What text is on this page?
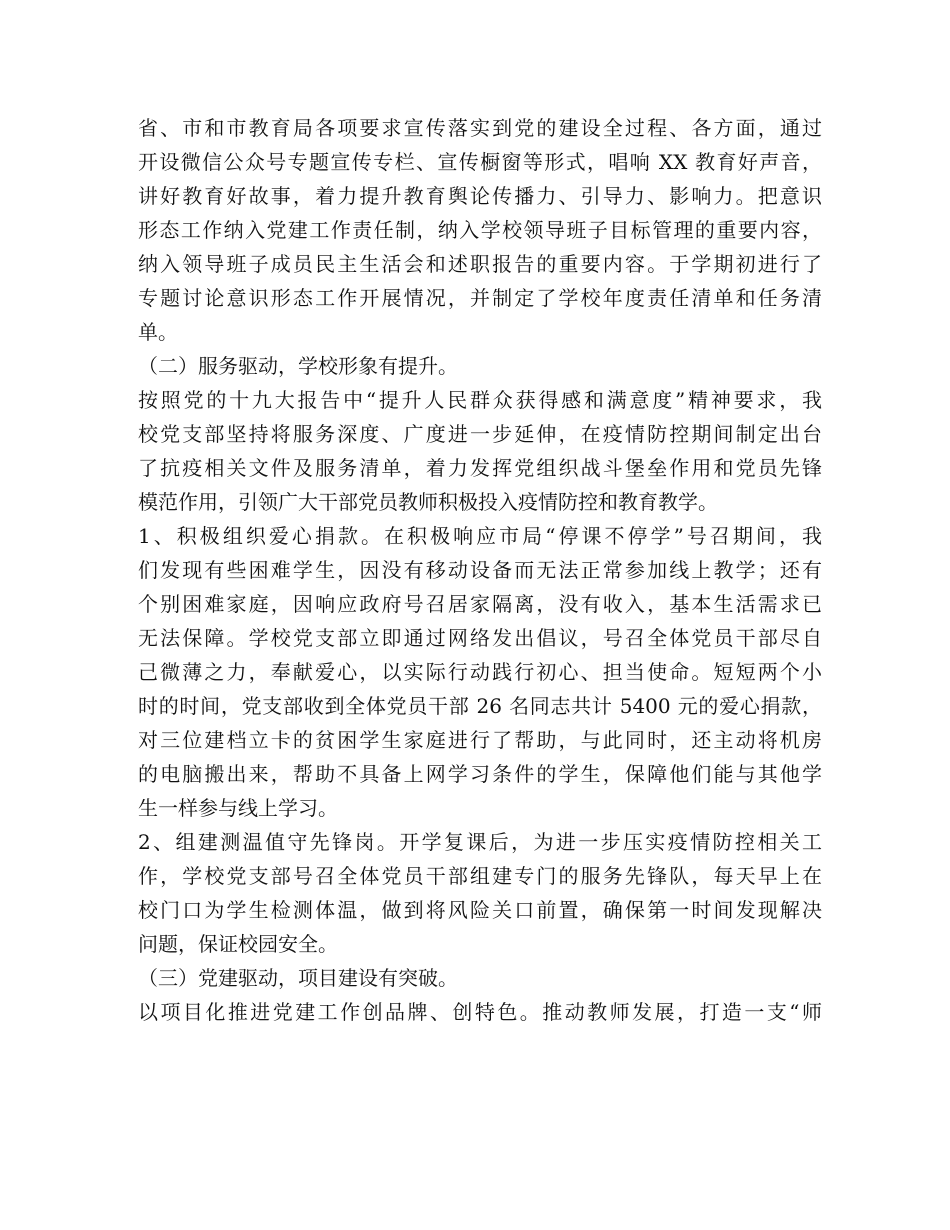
省、市和市教育局各项要求宣传落实到党的建设全过程、各方面，通过
开设微信公众号专题宣传专栏、宣传橱窗等形式，唱响 XX 教育好声音，
讲好教育好故事，着力提升教育舆论传播力、引导力、影响力。把意识
形态工作纳入党建工作责任制，纳入学校领导班子目标管理的重要内容，
纳入领导班子成员民主生活会和述职报告的重要内容。于学期初进行了
专题讨论意识形态工作开展情况，并制定了学校年度责任清单和任务清
单。
（二）服务驱动，学校形象有提升。
按照党的十九大报告中“提升人民群众获得感和满意度”精神要求，我
校党支部坚持将服务深度、广度进一步延伸，在疫情防控期间制定出台
了抗疫相关文件及服务清单，着力发挥党组织战斗堡垒作用和党员先锋
模范作用，引领广大干部党员教师积极投入疫情防控和教育教学。
1、积极组织爱心捐款。在积极响应市局“停课不停学”号召期间，我
们发现有些困难学生，因没有移动设备而无法正常参加线上教学；还有
个别困难家庭，因响应政府号召居家隔离，没有收入，基本生活需求已
无法保障。学校党支部立即通过网络发出倡议，号召全体党员干部尽自
己微薄之力，奉献爱心，以实际行动践行初心、担当使命。短短两个小
时的时间，党支部收到全体党员干部 26 名同志共计 5400 元的爱心捐款，
对三位建档立卡的贫困学生家庭进行了帮助，与此同时，还主动将机房
的电脑搬出来，帮助不具备上网学习条件的学生，保障他们能与其他学
生一样参与线上学习。
2、组建测温值守先锋岗。开学复课后，为进一步压实疫情防控相关工
作，学校党支部号召全体党员干部组建专门的服务先锋队，每天早上在
校门口为学生检测体温，做到将风险关口前置，确保第一时间发现解决
问题，保证校园安全。
（三）党建驱动，项目建设有突破。
以项目化推进党建工作创品牌、创特色。推动教师发展，打造一支“师
